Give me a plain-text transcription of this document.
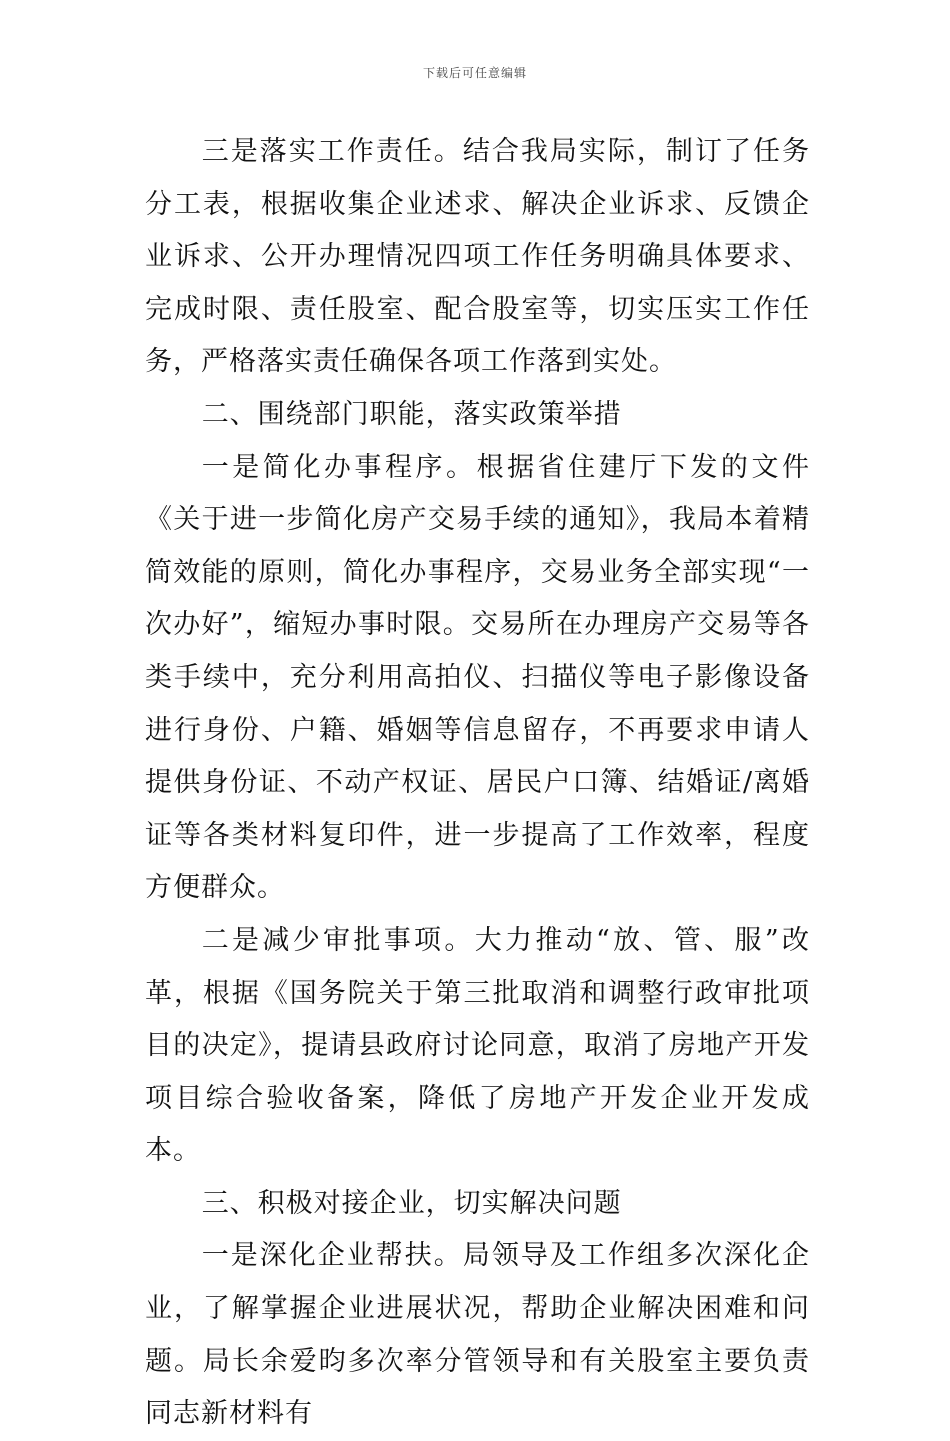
下载后可任意编辑

三是落实工作责任。结合我局实际，制订了任务分工表，根据收集企业述求、解决企业诉求、反馈企业诉求、公开办理情况四项工作任务明确具体要求、完成时限、责任股室、配合股室等，切实压实工作任务，严格落实责任确保各项工作落到实处。

二、围绕部门职能，落实政策举措

一是简化办事程序。根据省住建厅下发的文件《关于进一步简化房产交易手续的通知》，我局本着精简效能的原则，简化办事程序，交易业务全部实现“一次办好”，缩短办事时限。交易所在办理房产交易等各类手续中，充分利用高拍仪、扫描仪等电子影像设备进行身份、户籍、婚姻等信息留存，不再要求申请人提供身份证、不动产权证、居民户口簿、结婚证/离婚证等各类材料复印件，进一步提高了工作效率，程度方便群众。

二是减少审批事项。大力推动“放、管、服”改革，根据《国务院关于第三批取消和调整行政审批项目的决定》，提请县政府讨论同意，取消了房地产开发项目综合验收备案，降低了房地产开发企业开发成本。

三、积极对接企业，切实解决问题

一是深化企业帮扶。局领导及工作组多次深化企业，了解掌握企业进展状况，帮助企业解决困难和问题。局长余爱昀多次率分管领导和有关股室主要负责同志新材料有
